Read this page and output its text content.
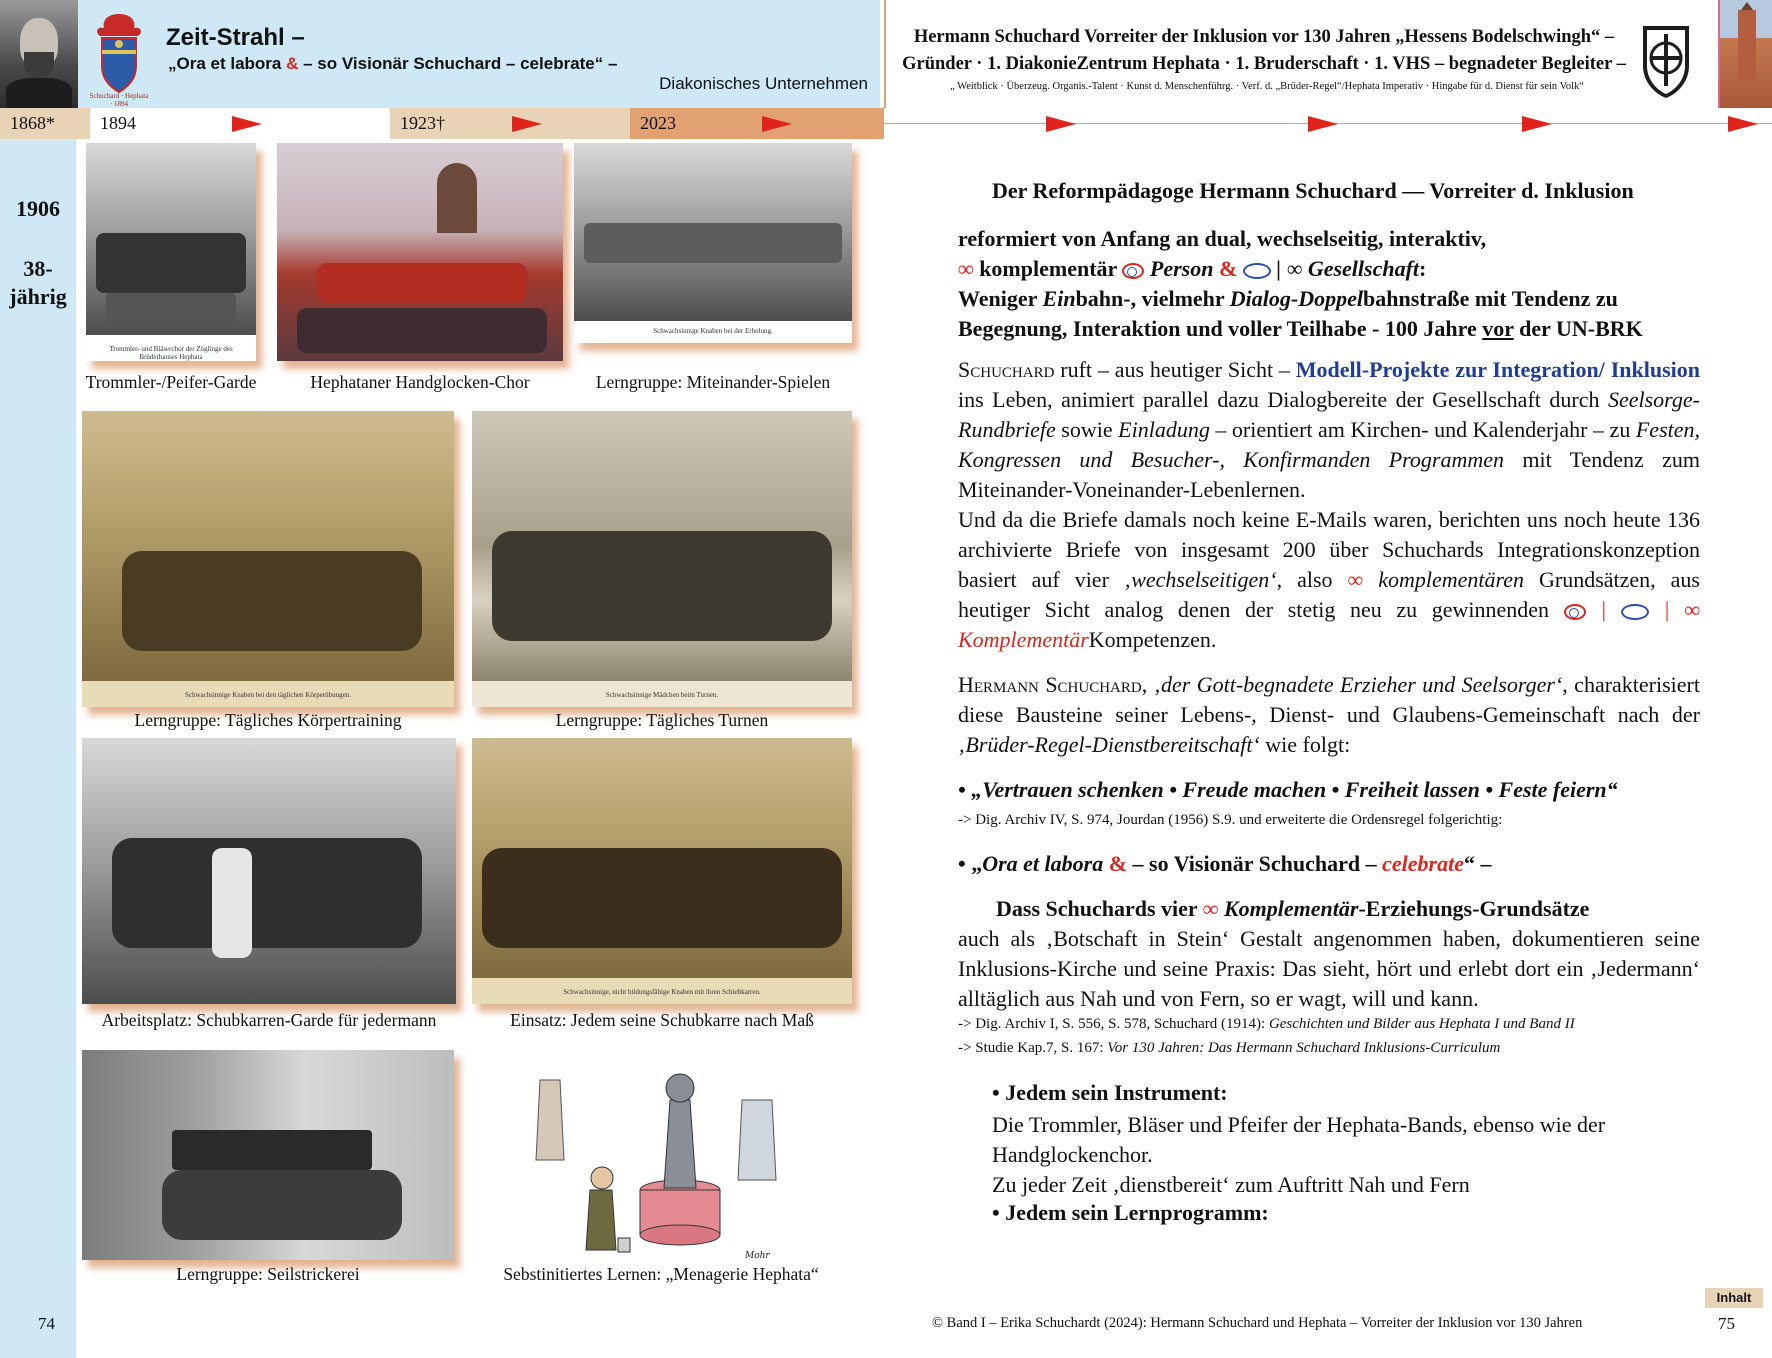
Schuchard · Hephata · 1894
Zeit-Strahl –
„Ora et labora & – so Visionär Schuchard – celebrate“ –
Diakonisches Unternehmen
Hermann Schuchard Vorreiter der Inklusion vor 130 Jahren „Hessens Bodelschwingh“ –
Gründer · 1. DiakonieZentrum Hephata · 1. Bruderschaft · 1. VHS – begnadeter Begleiter –
„ Weitblick · Überzeug. Organis.-Talent · Kunst d. Menschenführg. · Verf. d. „Brüder-Regel“/Hephata Imperativ · Hingabe für d. Dienst für sein Volk“
1868*	1894	1923†	2023
1906
38-
jährig
Trommler- und Bläserchor der Zöglinge des Brüderhauses Hephata
Trommler-/Peifer-Garde	Hephataner Handglocken-Chor
Schwachsinnige Knaben bei der Erholung.
Lerngruppe: Miteinander-Spielen
Schwachsinnige Knaben bei den täglichen Körperübungen.
Lerngruppe: Tägliches Körpertraining
Schwachsinnige Mädchen beim Turnen.
Lerngruppe: Tägliches Turnen
Arbeitsplatz: Schubkarren-Garde für jedermann
Schwachsinnige, nicht bildungsfähige Knaben mit ihren Schiebkarren.
Einsatz: Jedem seine Schubkarre nach Maß
Lerngruppe: Seilstrickerei
Mohr
Sebstinitiertes Lernen: „Menagerie Hephata“
Der Reformpädagoge Hermann Schuchard — Vorreiter d. Inklusion
reformiert von Anfang an dual, wechselseitig, interaktiv,
∞ komplementär  Person &  | ∞ Gesellschaft:
Weniger Einbahn-, vielmehr Dialog-Doppelbahnstraße mit Tendenz zu
Begegnung, Interaktion und voller Teilhabe - 100 Jahre vor der UN-BRK
Schuchard ruft – aus heutiger Sicht – Modell-Projekte zur Integration/ Inklusion ins Leben, animiert parallel dazu Dialogbereite der Gesellschaft durch Seelsorge-Rundbriefe sowie Einladung – orientiert am Kirchen- und Kalenderjahr – zu Festen, Kongressen und Besucher-, Konfirmanden Programmen mit Tendenz zum Miteinander-Voneinander-Lebenlernen.
Und da die Briefe damals noch keine E-Mails waren, berichten uns noch heute 136 archivierte Briefe von insgesamt 200 über Schuchards Integrationskonzeption basiert auf vier ‚wechselseitigen‘, also ∞ komplementären Grundsätzen, aus heutiger Sicht analog denen der stetig neu zu gewinnenden  |  | ∞ KomplementärKompetenzen.
Hermann Schuchard, ‚der Gott-begnadete Erzieher und Seelsorger‘, charakterisiert diese Bausteine seiner Lebens-, Dienst- und Glaubens-Gemeinschaft nach der ‚Brüder-Regel-Dienstbereitschaft‘ wie folgt:
• „Vertrauen schenken • Freude machen • Freiheit lassen • Feste feiern“
-> Dig. Archiv IV, S. 974, Jourdan (1956) S.9. und erweiterte die Ordensregel folgerichtig:
• „Ora et labora & – so Visionär Schuchard – celebrate“ –
Dass Schuchards vier ∞ Komplementär-Erziehungs-Grundsätze
auch als ‚Botschaft in Stein‘ Gestalt angenommen haben, dokumentieren seine Inklusions-Kirche und seine Praxis: Das sieht, hört und erlebt dort ein ‚Jedermann‘ alltäglich aus Nah und von Fern, so er wagt, will und kann.
-> Dig. Archiv I, S. 556, S. 578, Schuchard (1914): Geschichten und Bilder aus Hephata I und Band II
-> Studie Kap.7, S. 167: Vor 130 Jahren: Das Hermann Schuchard Inklusions-Curriculum
• Jedem sein Instrument:
Die Trommler, Bläser und Pfeifer der Hephata-Bands, ebenso wie der Handglockenchor.
Zu jeder Zeit ‚dienstbereit‘ zum Auftritt Nah und Fern
• Jedem sein Lernprogramm:
74	© Band I – Erika Schuchardt (2024): Hermann Schuchard und Hephata – Vorreiter der Inklusion vor 130 Jahren	75
Inhalt
